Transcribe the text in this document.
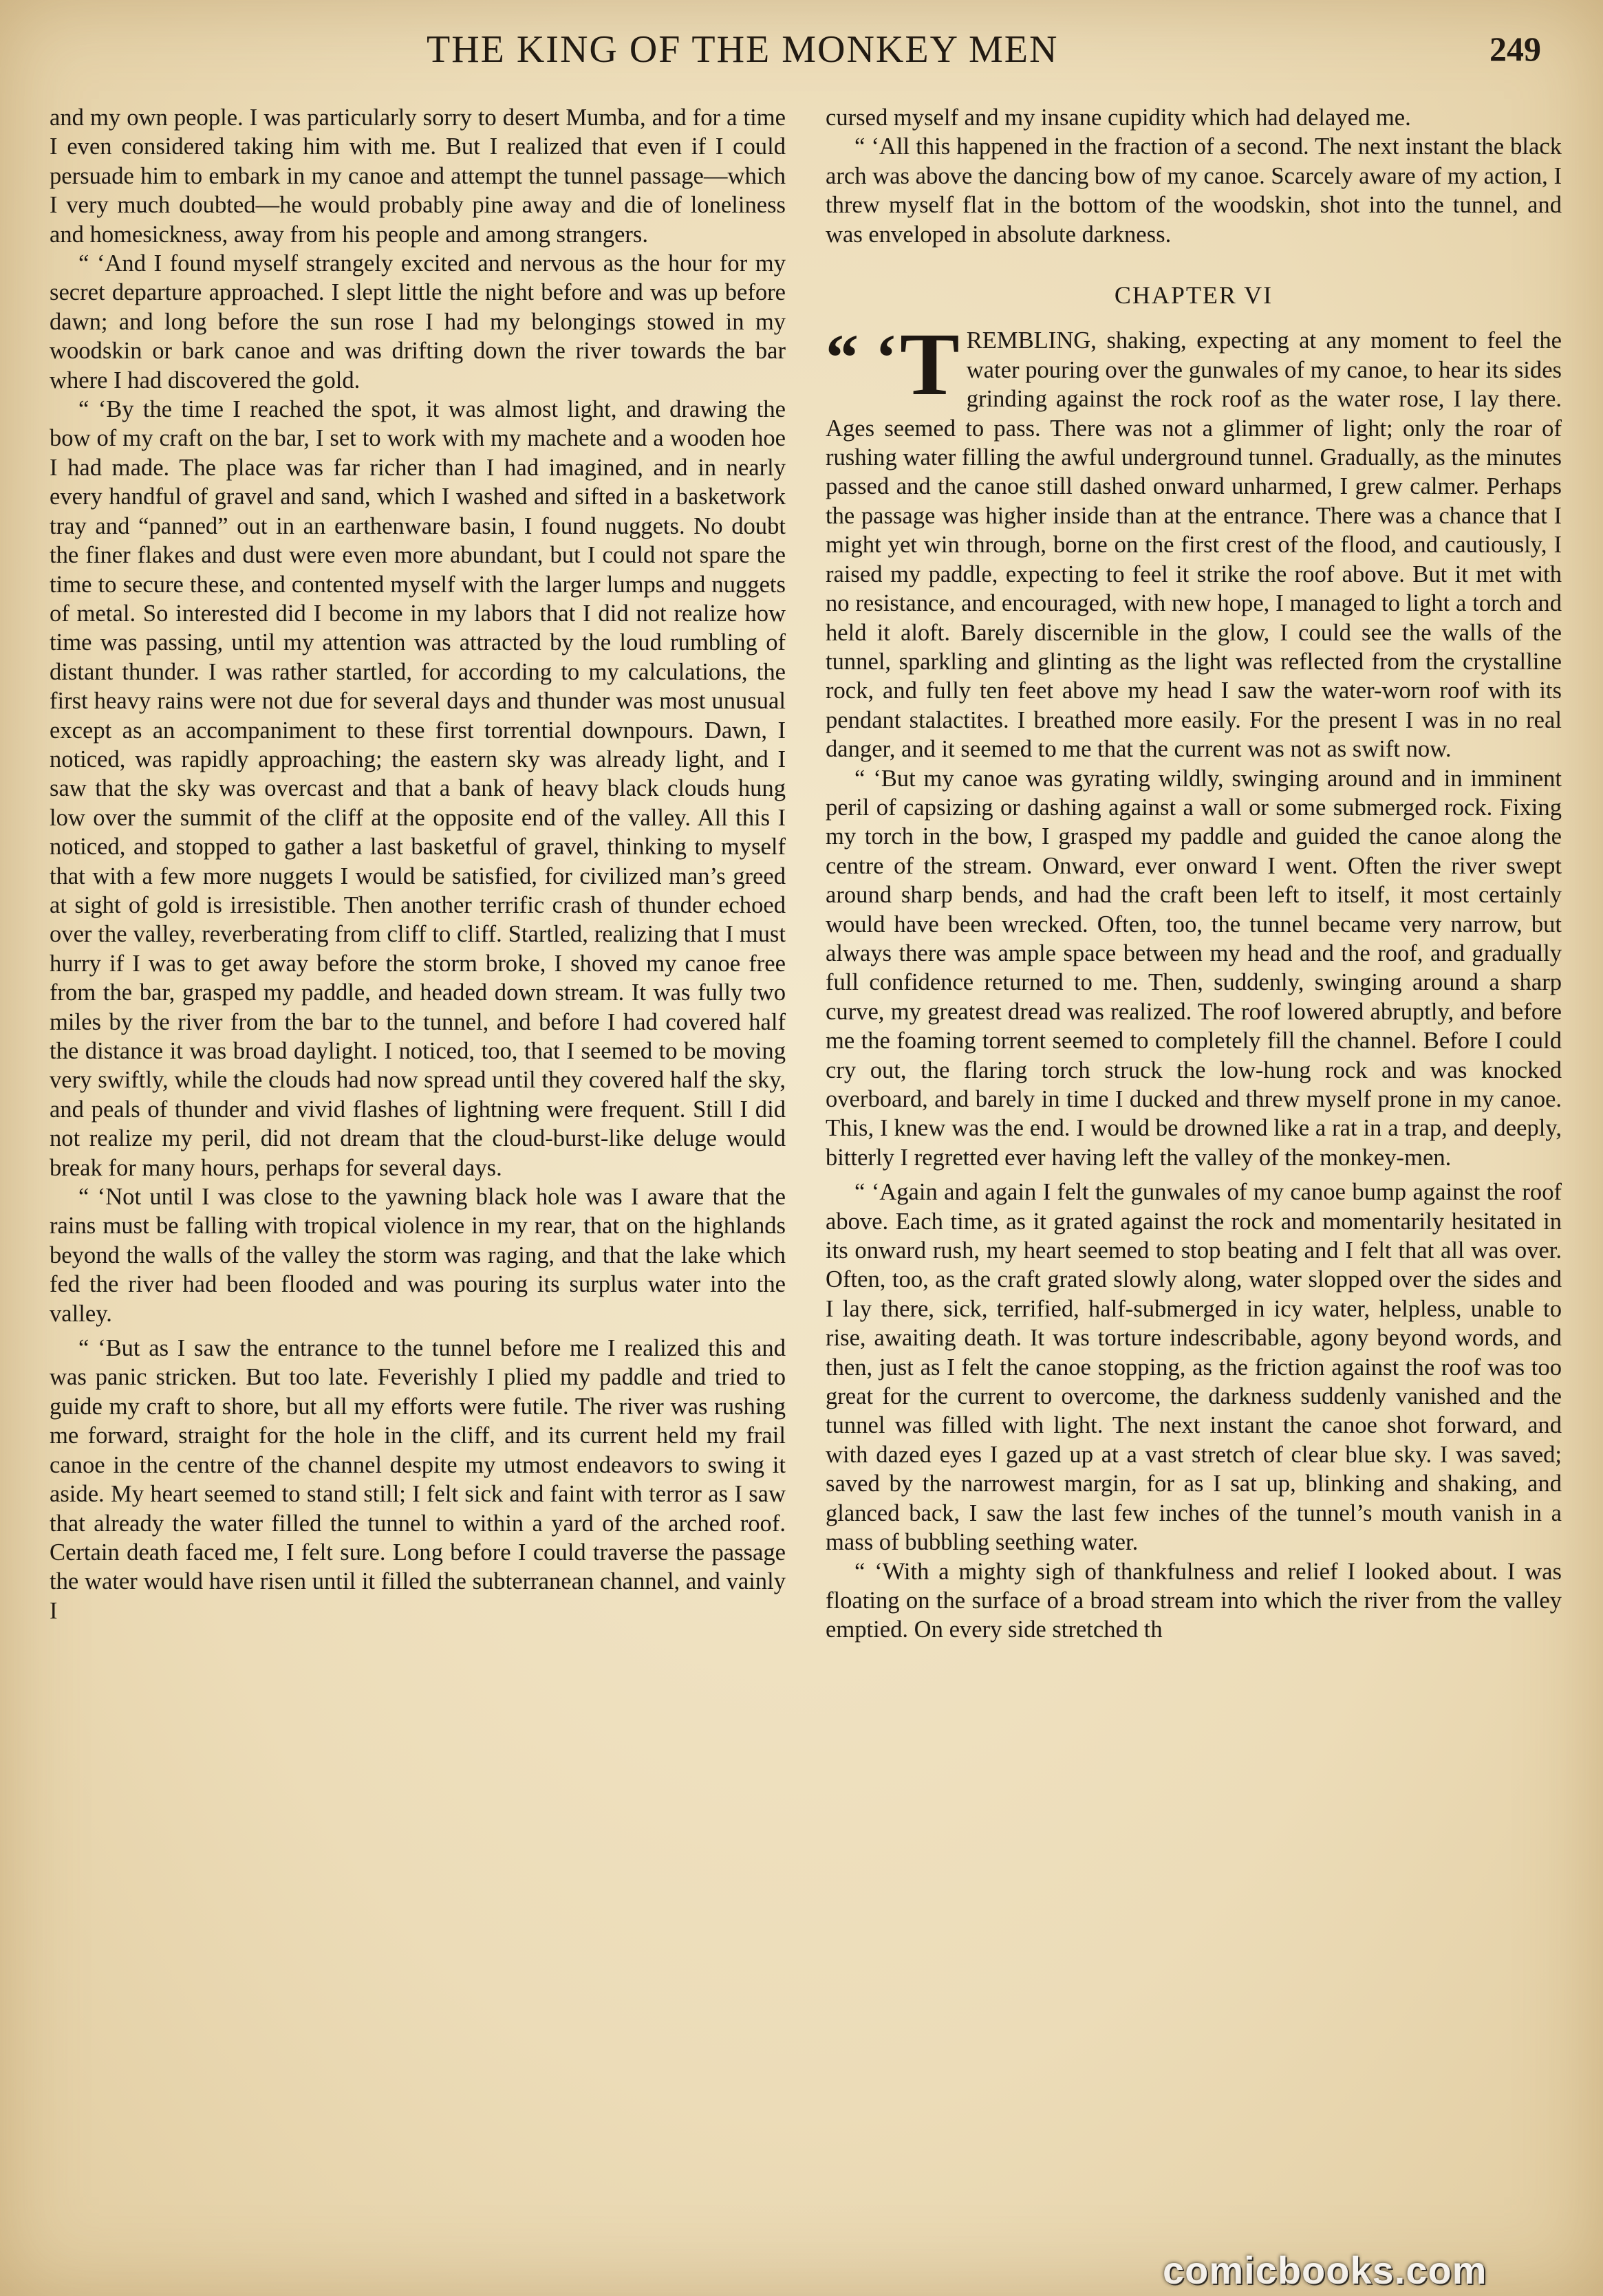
THE KING OF THE MONKEY MEN	249

and my own people. I was particularly sorry to desert Mumba, and for a time I even considered taking him with me. But I realized that even if I could persuade him to embark in my canoe and attempt the tunnel passage—which I very much doubted—he would probably pine away and die of loneliness and homesickness, away from his people and among strangers.

“ ‘And I found myself strangely excited and nervous as the hour for my secret departure approached. I slept little the night before and was up before dawn; and long before the sun rose I had my belongings stowed in my woodskin or bark canoe and was drifting down the river towards the bar where I had discovered the gold.

“ ‘By the time I reached the spot, it was almost light, and drawing the bow of my craft on the bar, I set to work with my machete and a wooden hoe I had made. The place was far richer than I had imagined, and in nearly every handful of gravel and sand, which I washed and sifted in a basketwork tray and “panned” out in an earthenware basin, I found nuggets. No doubt the finer flakes and dust were even more abundant, but I could not spare the time to secure these, and contented myself with the larger lumps and nuggets of metal. So interested did I become in my labors that I did not realize how time was passing, until my attention was attracted by the loud rumbling of distant thunder. I was rather startled, for according to my calculations, the first heavy rains were not due for several days and thunder was most unusual except as an accompaniment to these first torrential downpours. Dawn, I noticed, was rapidly approaching; the eastern sky was already light, and I saw that the sky was overcast and that a bank of heavy black clouds hung low over the summit of the cliff at the opposite end of the valley. All this I noticed, and stopped to gather a last basketful of gravel, thinking to myself that with a few more nuggets I would be satisfied, for civilized man’s greed at sight of gold is irresistible. Then another terrific crash of thunder echoed over the valley, reverberating from cliff to cliff. Startled, realizing that I must hurry if I was to get away before the storm broke, I shoved my canoe free from the bar, grasped my paddle, and headed down stream. It was fully two miles by the river from the bar to the tunnel, and before I had covered half the distance it was broad daylight. I noticed, too, that I seemed to be moving very swiftly, while the clouds had now spread until they covered half the sky, and peals of thunder and vivid flashes of lightning were frequent. Still I did not realize my peril, did not dream that the cloud-burst-like deluge would break for many hours, perhaps for several days.

“ ‘Not until I was close to the yawning black hole was I aware that the rains must be falling with tropical violence in my rear, that on the highlands beyond the walls of the valley the storm was raging, and that the lake which fed the river had been flooded and was pouring its surplus water into the valley.

“ ‘But as I saw the entrance to the tunnel before me I realized this and was panic stricken. But too late. Feverishly I plied my paddle and tried to guide my craft to shore, but all my efforts were futile. The river was rushing me forward, straight for the hole in the cliff, and its current held my frail canoe in the centre of the channel despite my utmost endeavors to swing it aside. My heart seemed to stand still; I felt sick and faint with terror as I saw that already the water filled the tunnel to within a yard of the arched roof. Certain death faced me, I felt sure. Long before I could traverse the passage the water would have risen until it filled the subterranean channel, and vainly I

cursed myself and my insane cupidity which had delayed me.

“ ‘All this happened in the fraction of a second. The next instant the black arch was above the dancing bow of my canoe. Scarcely aware of my action, I threw myself flat in the bottom of the woodskin, shot into the tunnel, and was enveloped in absolute darkness.

CHAPTER VI

“ ‘ T REMBLING, shaking, expecting at any moment to feel the water pouring over the gunwales of my canoe, to hear its sides grinding against the rock roof as the water rose, I lay there. Ages seemed to pass. There was not a glimmer of light; only the roar of rushing water filling the awful underground tunnel. Gradually, as the minutes passed and the canoe still dashed onward unharmed, I grew calmer. Perhaps the passage was higher inside than at the entrance. There was a chance that I might yet win through, borne on the first crest of the flood, and cautiously, I raised my paddle, expecting to feel it strike the roof above. But it met with no resistance, and encouraged, with new hope, I managed to light a torch and held it aloft. Barely discernible in the glow, I could see the walls of the tunnel, sparkling and glinting as the light was reflected from the crystalline rock, and fully ten feet above my head I saw the water-worn roof with its pendant stalactites. I breathed more easily. For the present I was in no real danger, and it seemed to me that the current was not as swift now.

“ ‘But my canoe was gyrating wildly, swinging around and in imminent peril of capsizing or dashing against a wall or some submerged rock. Fixing my torch in the bow, I grasped my paddle and guided the canoe along the centre of the stream. Onward, ever onward I went. Often the river swept around sharp bends, and had the craft been left to itself, it most certainly would have been wrecked. Often, too, the tunnel became very narrow, but always there was ample space between my head and the roof, and gradually full confidence returned to me. Then, suddenly, swinging around a sharp curve, my greatest dread was realized. The roof lowered abruptly, and before me the foaming torrent seemed to completely fill the channel. Before I could cry out, the flaring torch struck the low-hung rock and was knocked overboard, and barely in time I ducked and threw myself prone in my canoe. This, I knew was the end. I would be drowned like a rat in a trap, and deeply, bitterly I regretted ever having left the valley of the monkey-men.

“ ‘Again and again I felt the gunwales of my canoe bump against the roof above. Each time, as it grated against the rock and momentarily hesitated in its onward rush, my heart seemed to stop beating and I felt that all was over. Often, too, as the craft grated slowly along, water slopped over the sides and I lay there, sick, terrified, half-submerged in icy water, helpless, unable to rise, awaiting death. It was torture indescribable, agony beyond words, and then, just as I felt the canoe stopping, as the friction against the roof was too great for the current to overcome, the darkness suddenly vanished and the tunnel was filled with light. The next instant the canoe shot forward, and with dazed eyes I gazed up at a vast stretch of clear blue sky. I was saved; saved by the narrowest margin, for as I sat up, blinking and shaking, and glanced back, I saw the last few inches of the tunnel’s mouth vanish in a mass of bubbling seething water.

“ ‘With a mighty sigh of thankfulness and relief I looked about. I was floating on the surface of a broad stream into which the river from the valley emptied. On every side stretched th

comicbooks.com
